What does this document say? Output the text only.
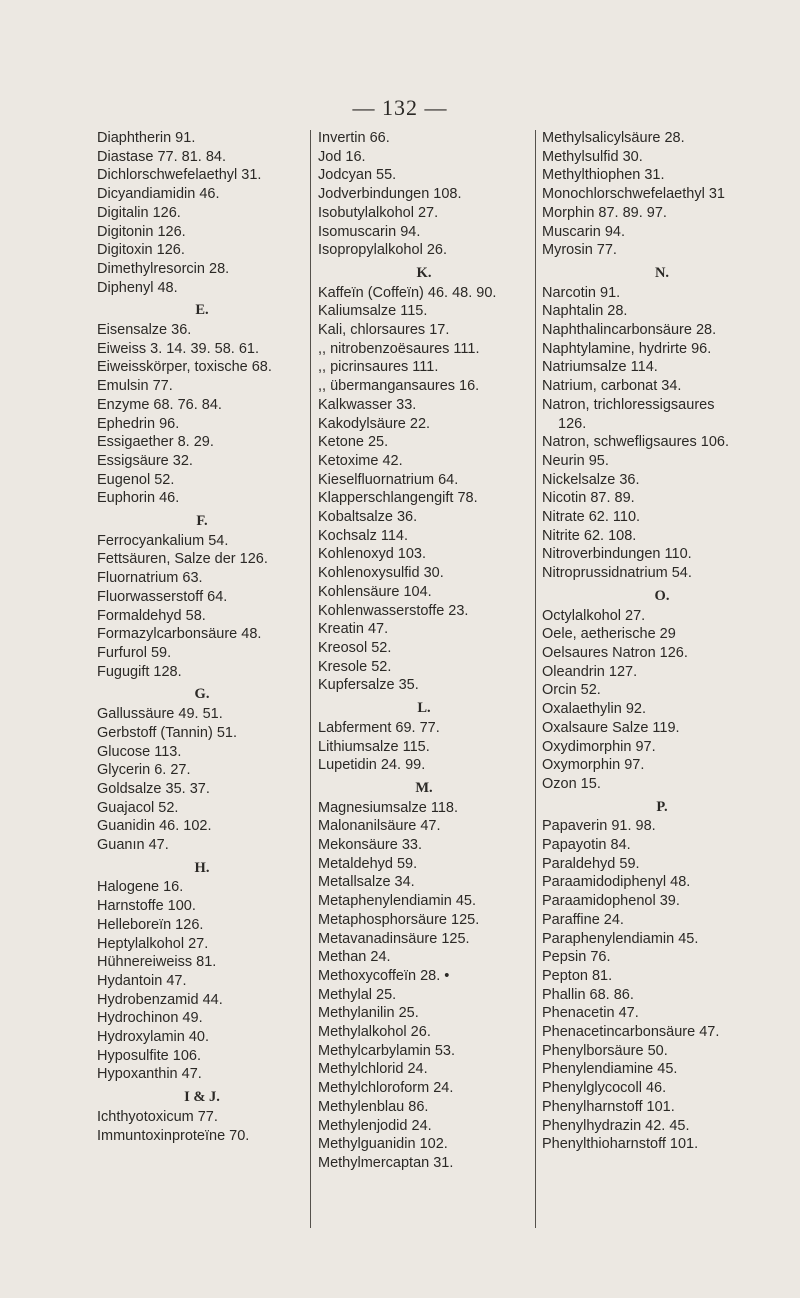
— 132 —
Diaphtherin 91.
Diastase 77. 81. 84.
Dichlorschwefelaethyl 31.
Dicyandiamidin 46.
Digitalin 126.
Digitonin 126.
Digitoxin 126.
Dimethylresorcin 28.
Diphenyl 48.
E.
Eisensalze 36.
Eiweiss 3. 14. 39. 58. 61.
Eiweisskörper, toxische 68.
Emulsin 77.
Enzyme 68. 76. 84.
Ephedrin 96.
Essigaether 8. 29.
Essigsäure 32.
Eugenol 52.
Euphorin 46.
F.
Ferrocyankalium 54.
Fettsäuren, Salze der 126.
Fluornatrium 63.
Fluorwasserstoff 64.
Formaldehyd 58.
Formazylcarbonsäure 48.
Furfurol 59.
Fugugift 128.
G.
Gallussäure 49. 51.
Gerbstoff (Tannin) 51.
Glucose 113.
Glycerin 6. 27.
Goldsalze 35. 37.
Guajacol 52.
Guanidin 46. 102.
Guanın 47.
H.
Halogene 16.
Harnstoffe 100.
Helleboreïn 126.
Heptylalkohol 27.
Hühnereiweiss 81.
Hydantoin 47.
Hydrobenzamid 44.
Hydrochinon 49.
Hydroxylamin 40.
Hyposulfite 106.
Hypoxanthin 47.
I & J.
Ichthyotoxicum 77.
Immuntoxinproteïne 70.
Invertin 66.
Jod 16.
Jodcyan 55.
Jodverbindungen 108.
Isobutylalkohol 27.
Isomuscarin 94.
Isopropylalkohol 26.
K.
Kaffeïn (Coffeïn) 46. 48. 90.
Kaliumsalze 115.
Kali, chlorsaures 17.
,, nitrobenzoësaures 111.
,, picrinsaures 111.
,, übermangansaures 16.
Kalkwasser 33.
Kakodylsäure 22.
Ketone 25.
Ketoxime 42.
Kieselfluornatrium 64.
Klapperschlangengift 78.
Kobaltsalze 36.
Kochsalz 114.
Kohlenoxyd 103.
Kohlenoxysulfid 30.
Kohlensäure 104.
Kohlenwasserstoffe 23.
Kreatin 47.
Kreosol 52.
Kresole 52.
Kupfersalze 35.
L.
Labferment 69. 77.
Lithiumsalze 115.
Lupetidin 24. 99.
M.
Magnesiumsalze 118.
Malonanilsäure 47.
Mekonsäure 33.
Metaldehyd 59.
Metallsalze 34.
Metaphenylendiamin 45.
Metaphosphorsäure 125.
Metavanadinsäure 125.
Methan 24.
Methoxycoffeïn 28. •
Methylal 25.
Methylanilin 25.
Methylalkohol 26.
Methylcarbylamin 53.
Methylchlorid 24.
Methylchloroform 24.
Methylenblau 86.
Methylenjodid 24.
Methylguanidin 102.
Methylmercaptan 31.
Methylsalicylsäure 28.
Methylsulfid 30.
Methylthiophen 31.
Monochlorschwefelaethyl 31
Morphin 87. 89. 97.
Muscarin 94.
Myrosin 77.
N.
Narcotin 91.
Naphtalin 28.
Naphthalincarbonsäure 28.
Naphtylamine, hydrirte 96.
Natriumsalze 114.
Natrium, carbonat 34.
Natron, trichloressigsaures
126.
Natron, schwefligsaures 106.
Neurin 95.
Nickelsalze 36.
Nicotin 87. 89.
Nitrate 62. 110.
Nitrite 62. 108.
Nitroverbindungen 110.
Nitroprussidnatrium 54.
O.
Octylalkohol 27.
Oele, aetherische 29
Oelsaures Natron 126.
Oleandrin 127.
Orcin 52.
Oxalaethylin 92.
Oxalsaure Salze 119.
Oxydimorphin 97.
Oxymorphin 97.
Ozon 15.
P.
Papaverin 91. 98.
Papayotin 84.
Paraldehyd 59.
Paraamidodiphenyl 48.
Paraamidophenol 39.
Paraffine 24.
Paraphenylendiamin 45.
Pepsin 76.
Pepton 81.
Phallin 68. 86.
Phenacetin 47.
Phenacetincarbonsäure 47.
Phenylborsäure 50.
Phenylendiamine 45.
Phenylglycocoll 46.
Phenylharnstoff 101.
Phenylhydrazin 42. 45.
Phenylthioharnstoff 101.
